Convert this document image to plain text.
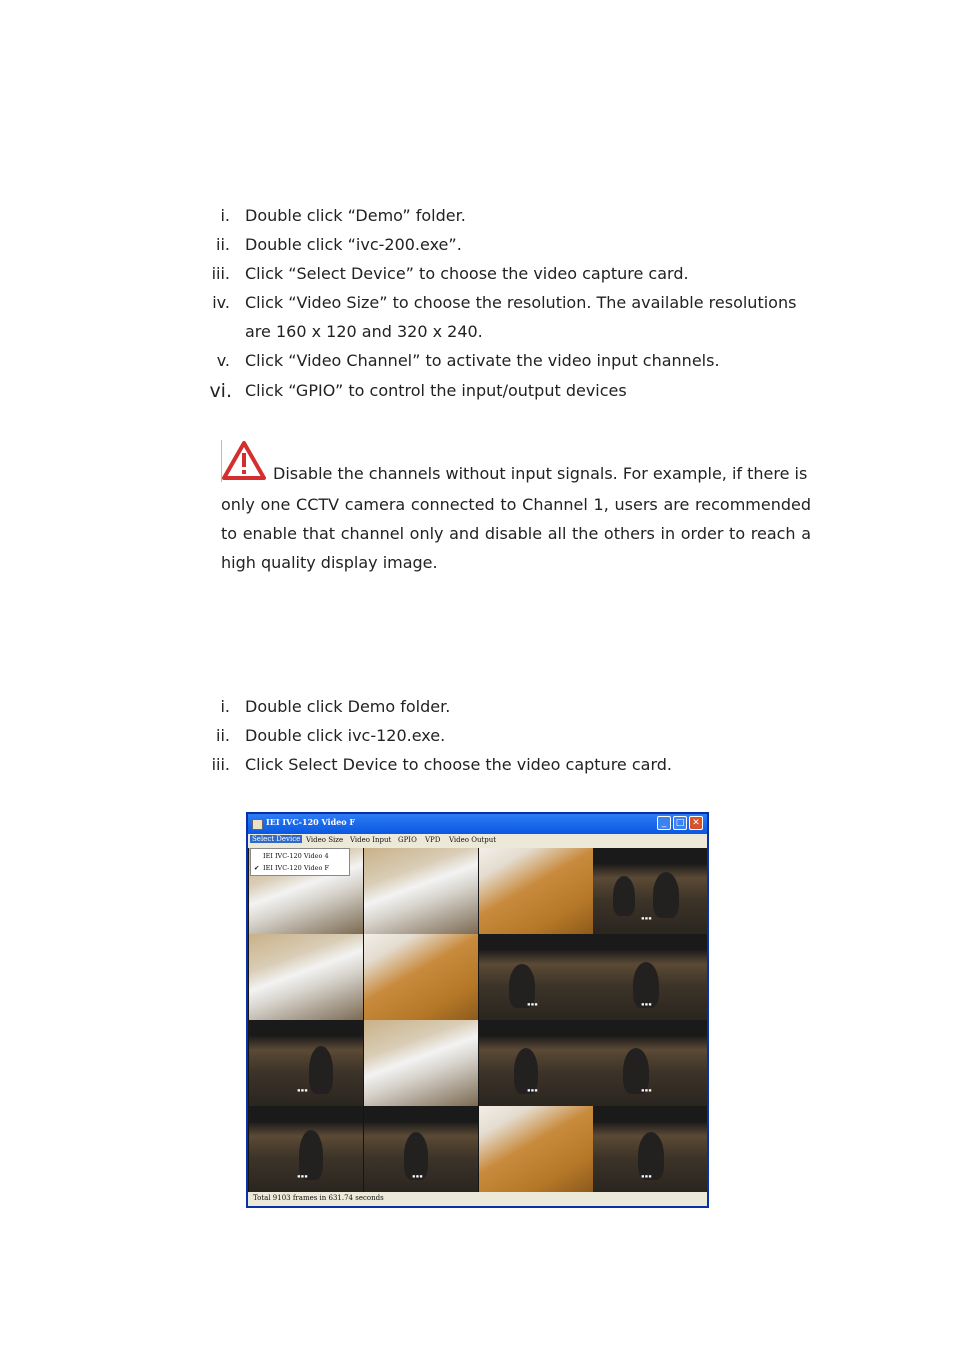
i. Double click “Demo” folder.
ii. Double click “ivc-200.exe”.
iii. Click “Select Device” to choose the video capture card.
iv. Click “Video Size” to choose the resolution. The available resolutions
are 160 x 120 and 320 x 240.
v. Click “Video Channel” to activate the video input channels.
vi. Click “GPIO” to control the input/output devices
Disable the channels without input signals. For example, if there is
only one CCTV camera connected to Channel 1, users are recommended
to enable that channel only and disable all the others in order to reach a
high quality display image.
i. Double click Demo folder.
ii. Double click ivc-120.exe.
iii. Click Select Device to choose the video capture card.
IEI IVC-120 Video F	_	□ ✕
Select Device Video Size Video Input GPIO VPD Video Output
▪▪▪
▪▪▪	▪▪▪
▪▪▪	▪▪▪	▪▪▪
▪▪▪	▪▪▪	▪▪▪
IEI IVC-120 Video 4
✔ IEI IVC-120 Video F
Total 9103 frames in 631.74 seconds
